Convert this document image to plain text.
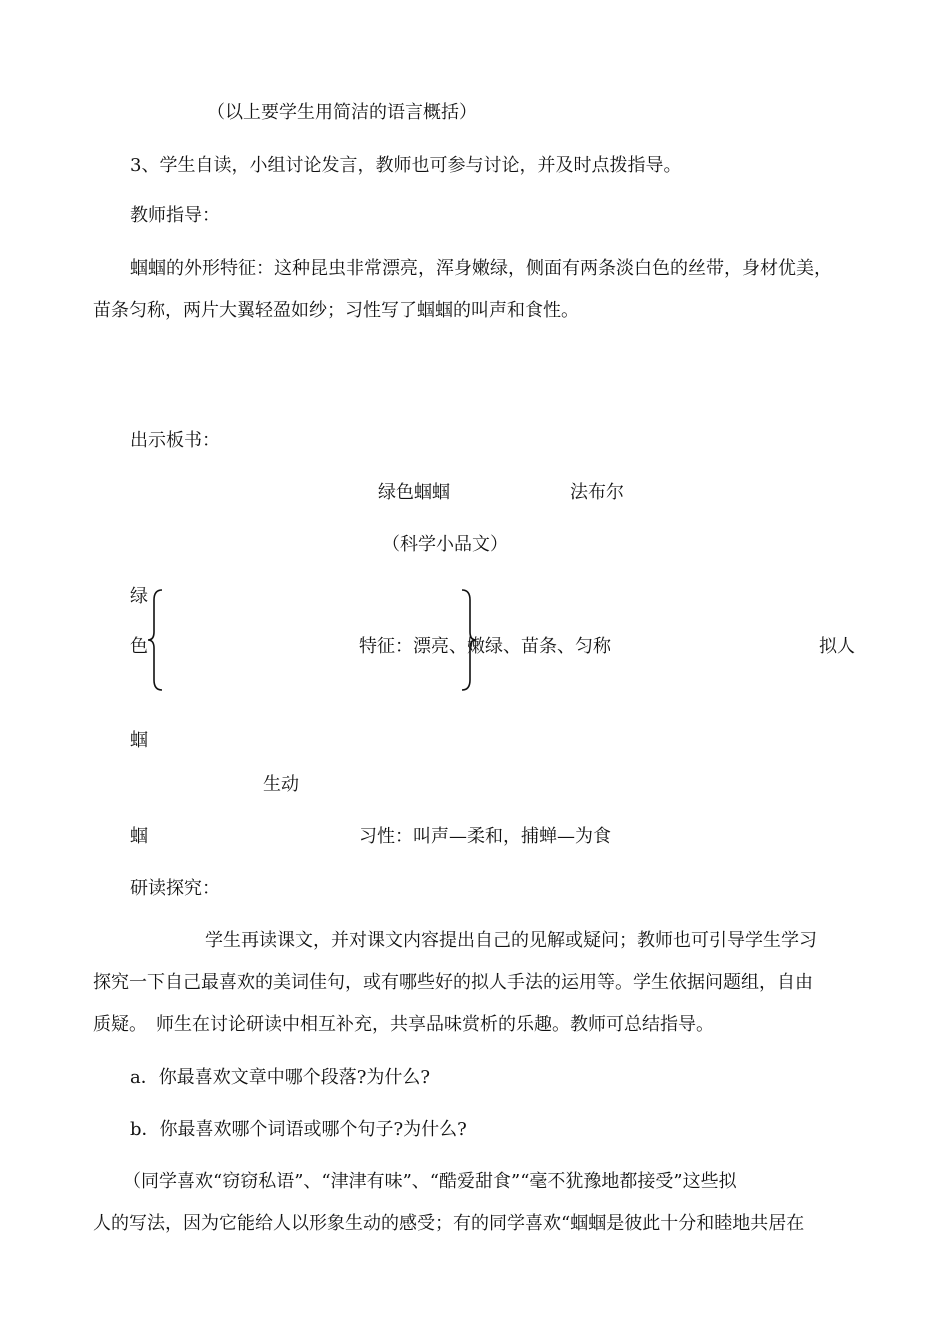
（以上要学生用简洁的语言概括）
3、学生自读，小组讨论发言，教师也可参与讨论，并及时点拨指导。
教师指导：
蝈蝈的外形特征：这种昆虫非常漂亮，浑身嫩绿，侧面有两条淡白色的丝带，身材优美，
苗条匀称，两片大翼轻盈如纱；习性写了蝈蝈的叫声和食性。
出示板书：
绿色蝈蝈	法布尔
（科学小品文）
绿
色
蝈
蝈
特征：漂亮、嫩绿、苗条、匀称	拟人
生动
习性：叫声—柔和，捕蝉—为食
研读探究：
学生再读课文，并对课文内容提出自己的见解或疑问；教师也可引导学生学习
探究一下自己最喜欢的美词佳句，或有哪些好的拟人手法的运用等。学生依据问题组，自由
质疑。　师生在讨论研读中相互补充，共享品味赏析的乐趣。教师可总结指导。
a．你最喜欢文章中哪个段落?为什么?
b．你最喜欢哪个词语或哪个句子?为什么?
（同学喜欢“窃窃私语”、“津津有味”、“酷爱甜食”“毫不犹豫地都接受”这些拟
人的写法，因为它能给人以形象生动的感受；有的同学喜欢“蝈蝈是彼此十分和睦地共居在
